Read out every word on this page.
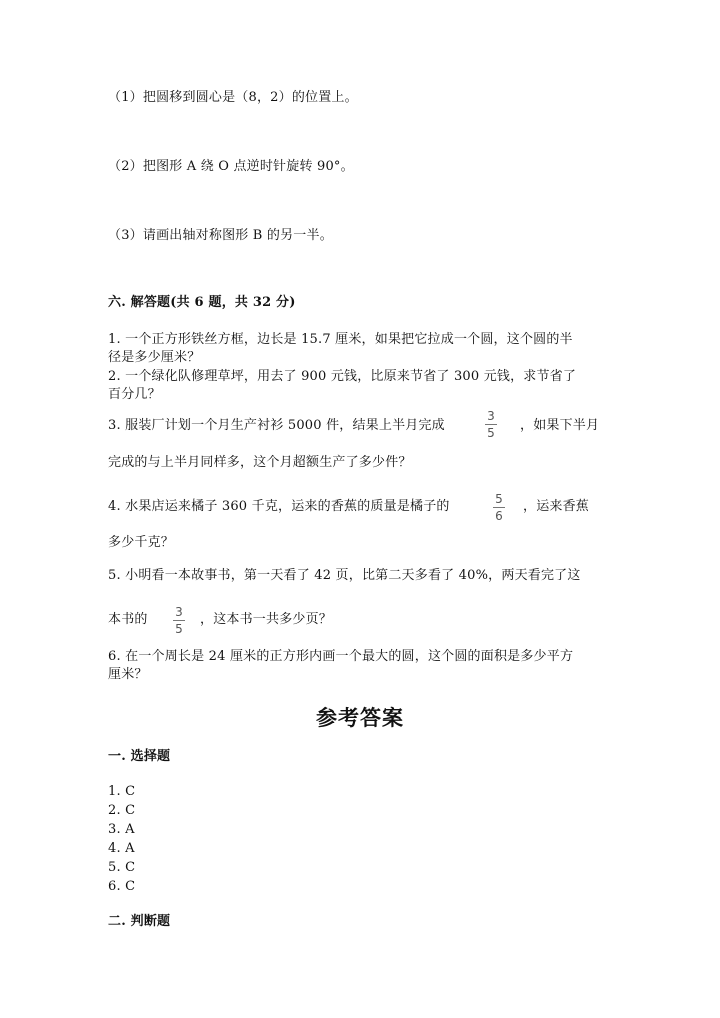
（1）把圆移到圆心是（8，2）的位置上。
（2）把图形 A 绕 O 点逆时针旋转 90°。
（3）请画出轴对称图形 B 的另一半。
六. 解答题(共 6 题，共 32 分)
1. 一个正方形铁丝方框，边长是 15.7 厘米，如果把它拉成一个圆，这个圆的半
径是多少厘米？
2. 一个绿化队修理草坪，用去了 900 元钱，比原来节省了 300 元钱，求节省了
百分几？
3. 服装厂计划一个月生产衬衫 5000 件，结果上半月完成
3
5 ，如果下半月
完成的与上半月同样多，这个月超额生产了多少件？
4. 水果店运来橘子 360 千克，运来的香蕉的质量是橘子的	5
6
，运来香蕉
多少千克？
5. 小明看一本故事书，第一天看了 42 页，比第二天多看了 40%，两天看完了这
本书的 3
5
，这本书一共多少页？
6. 在一个周长是 24 厘米的正方形内画一个最大的圆，这个圆的面积是多少平方
厘米？
参考答案
一. 选择题
1. C
2. C
3. A
4. A
5. C
6. C
二. 判断题
